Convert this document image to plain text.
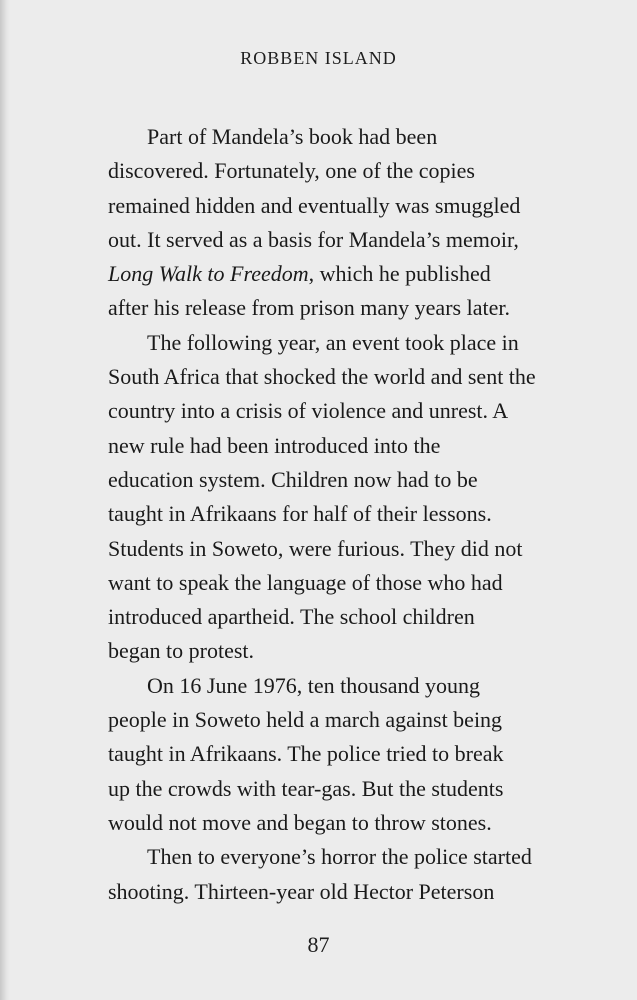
ROBBEN ISLAND

Part of Mandela’s book had been
discovered. Fortunately, one of the copies
remained hidden and eventually was smuggled
out. It served as a basis for Mandela’s memoir,
Long Walk to Freedom, which he published
after his release from prison many years later.
The following year, an event took place in
South Africa that shocked the world and sent the
country into a crisis of violence and unrest. A
new rule had been introduced into the
education system. Children now had to be
taught in Afrikaans for half of their lessons.
Students in Soweto, were furious. They did not
want to speak the language of those who had
introduced apartheid. The school children
began to protest.
On 16 June 1976, ten thousand young
people in Soweto held a march against being
taught in Afrikaans. The police tried to break
up the crowds with tear-gas. But the students
would not move and began to throw stones.
Then to everyone’s horror the police started
shooting. Thirteen-year old Hector Peterson

87
